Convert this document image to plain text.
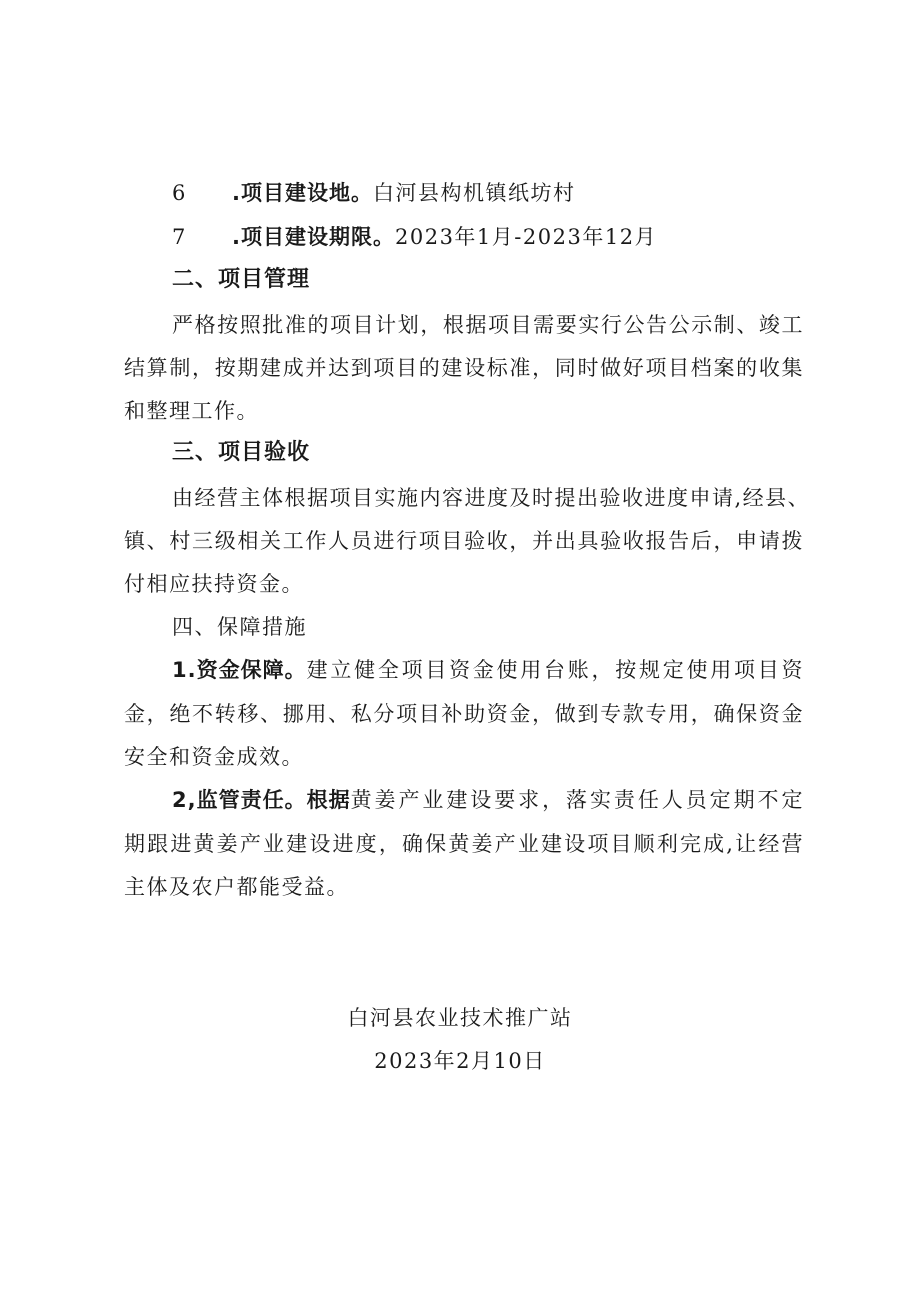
6 .项目建设地。白河县构机镇纸坊村
7 .项目建设期限。2023年1月-2023年12月
二、项目管理
严格按照批准的项目计划，根据项目需要实行公告公示制、竣工
结算制，按期建成并达到项目的建设标准，同时做好项目档案的收集
和整理工作。
三、项目验收
由经营主体根据项目实施内容进度及时提出验收进度申请,经县、
镇、村三级相关工作人员进行项目验收，并出具验收报告后，申请拨
付相应扶持资金。
四、保障措施
1.资金保障。 建立健全项目资金使用台账，按规定使用项目资
金，绝不转移、挪用、私分项目补助资金，做到专款专用，确保资金
安全和资金成效。
2,监管责任。根据 黄姜产业建设要求，落实责任人员定期不定
期跟进黄姜产业建设进度，确保黄姜产业建设项目顺利完成,让经营
主体及农户都能受益。
白河县农业技术推广站
2023年2月10日
